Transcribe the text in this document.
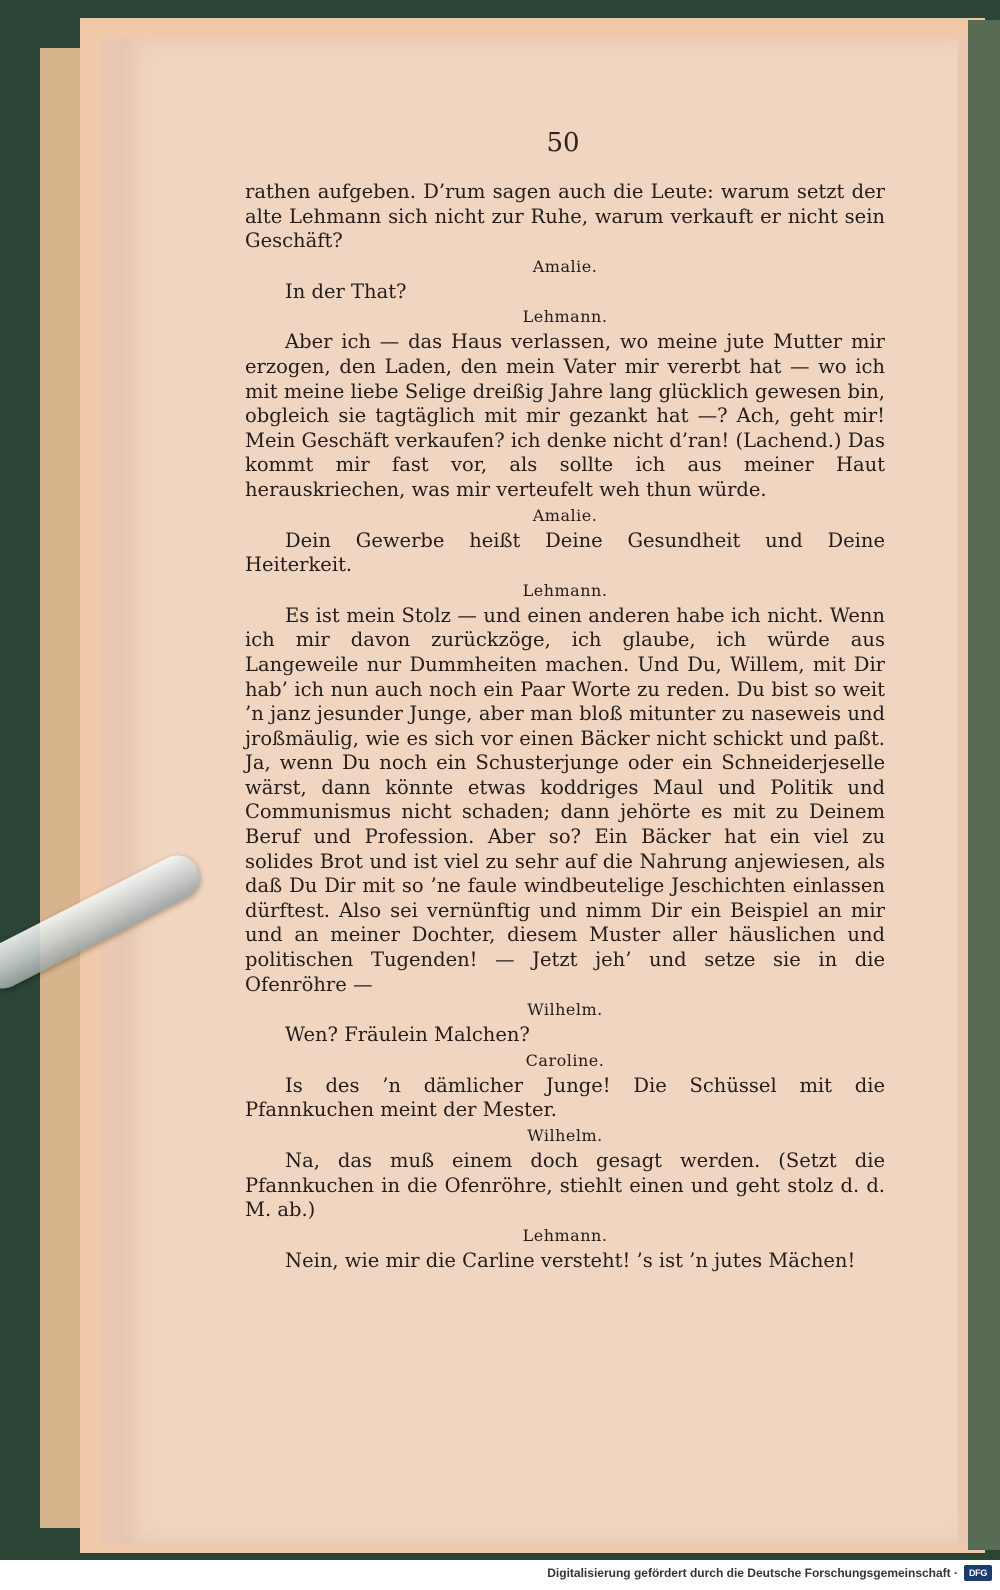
50

rathen aufgeben. D’rum sagen auch die Leute: warum setzt der alte Lehmann sich nicht zur Ruhe, warum verkauft er nicht sein Geschäft?

Amalie.

In der That?

Lehmann.

Aber ich — das Haus verlassen, wo meine jute Mutter mir erzogen, den Laden, den mein Vater mir vererbt hat — wo ich mit meine liebe Selige dreißig Jahre lang glücklich gewesen bin, obgleich sie tagtäglich mit mir gezankt hat —? Ach, geht mir! Mein Geschäft verkaufen? ich denke nicht d’ran! (Lachend.) Das kommt mir fast vor, als sollte ich aus meiner Haut herauskriechen, was mir verteufelt weh thun würde.

Amalie.

Dein Gewerbe heißt Deine Gesundheit und Deine Heiterkeit.

Lehmann.

Es ist mein Stolz — und einen anderen habe ich nicht. Wenn ich mir davon zurückzöge, ich glaube, ich würde aus Langeweile nur Dummheiten machen. Und Du, Willem, mit Dir hab’ ich nun auch noch ein Paar Worte zu reden. Du bist so weit ’n janz jesunder Junge, aber man bloß mitunter zu naseweis und jroßmäulig, wie es sich vor einen Bäcker nicht schickt und paßt. Ja, wenn Du noch ein Schusterjunge oder ein Schneiderjeselle wärst, dann könnte etwas koddriges Maul und Politik und Communismus nicht schaden; dann jehörte es mit zu Deinem Beruf und Profession. Aber so? Ein Bäcker hat ein viel zu solides Brot und ist viel zu sehr auf die Nahrung anjewiesen, als daß Du Dir mit so ’ne faule windbeutelige Jeschichten einlassen dürftest. Also sei vernünftig und nimm Dir ein Beispiel an mir und an meiner Dochter, diesem Muster aller häuslichen und politischen Tugenden! — Jetzt jeh’ und setze sie in die Ofenröhre —

Wilhelm.

Wen? Fräulein Malchen?

Caroline.

Is des ’n dämlicher Junge! Die Schüssel mit die Pfannkuchen meint der Mester.

Wilhelm.

Na, das muß einem doch gesagt werden. (Setzt die Pfannkuchen in die Ofenröhre, stiehlt einen und geht stolz d. d. M. ab.)

Lehmann.

Nein, wie mir die Carline versteht! ’s ist ’n jutes Mächen!

Digitalisierung gefördert durch die Deutsche Forschungsgemeinschaft ·	DFG
